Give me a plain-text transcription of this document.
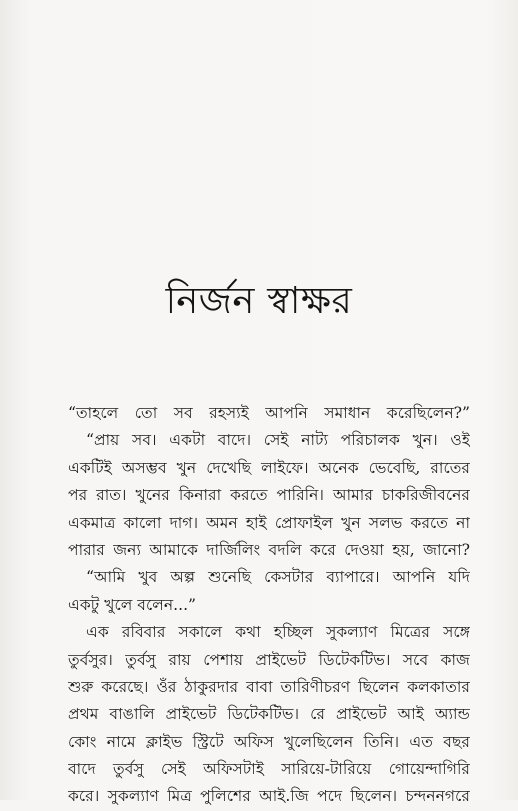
নির্জন স্বাক্ষর
“তাহলে তো সব রহস্যই আপনি সমাধান করেছিলেন?”
“প্রায় সব। একটা বাদে। সেই নাট্য পরিচালক খুন। ওই
একটিই অসম্ভব খুন দেখেছি লাইফে। অনেক ভেবেছি, রাতের
পর রাত। খুনের কিনারা করতে পারিনি। আমার চাকরিজীবনের
একমাত্র কালো দাগ। অমন হাই প্রোফাইল খুন সলভ করতে না
পারার জন্য আমাকে দার্জিলিং বদলি করে দেওয়া হয়, জানো?
“আমি খুব অল্প শুনেছি কেসটার ব্যাপারে। আপনি যদি
একটু খুলে বলেন...”
এক রবিবার সকালে কথা হচ্ছিল সুকল্যাণ মিত্রের সঙ্গে
তুর্বসুর। তুর্বসু রায় পেশায় প্রাইভেট ডিটেকটিভ। সবে কাজ
শুরু করেছে। ওঁর ঠাকুরদার বাবা তারিণীচরণ ছিলেন কলকাতার
প্রথম বাঙালি প্রাইভেট ডিটেকটিভ। রে প্রাইভেট আই অ্যান্ড
কোং নামে ক্লাইভ স্ট্রিটে অফিস খুলেছিলেন তিনি। এত বছর
বাদে তুর্বসু সেই অফিসটাই সারিয়ে-টারিয়ে গোয়েন্দাগিরি
করে। সুকল্যাণ মিত্র পুলিশের আই.জি পদে ছিলেন। চন্দননগরে
